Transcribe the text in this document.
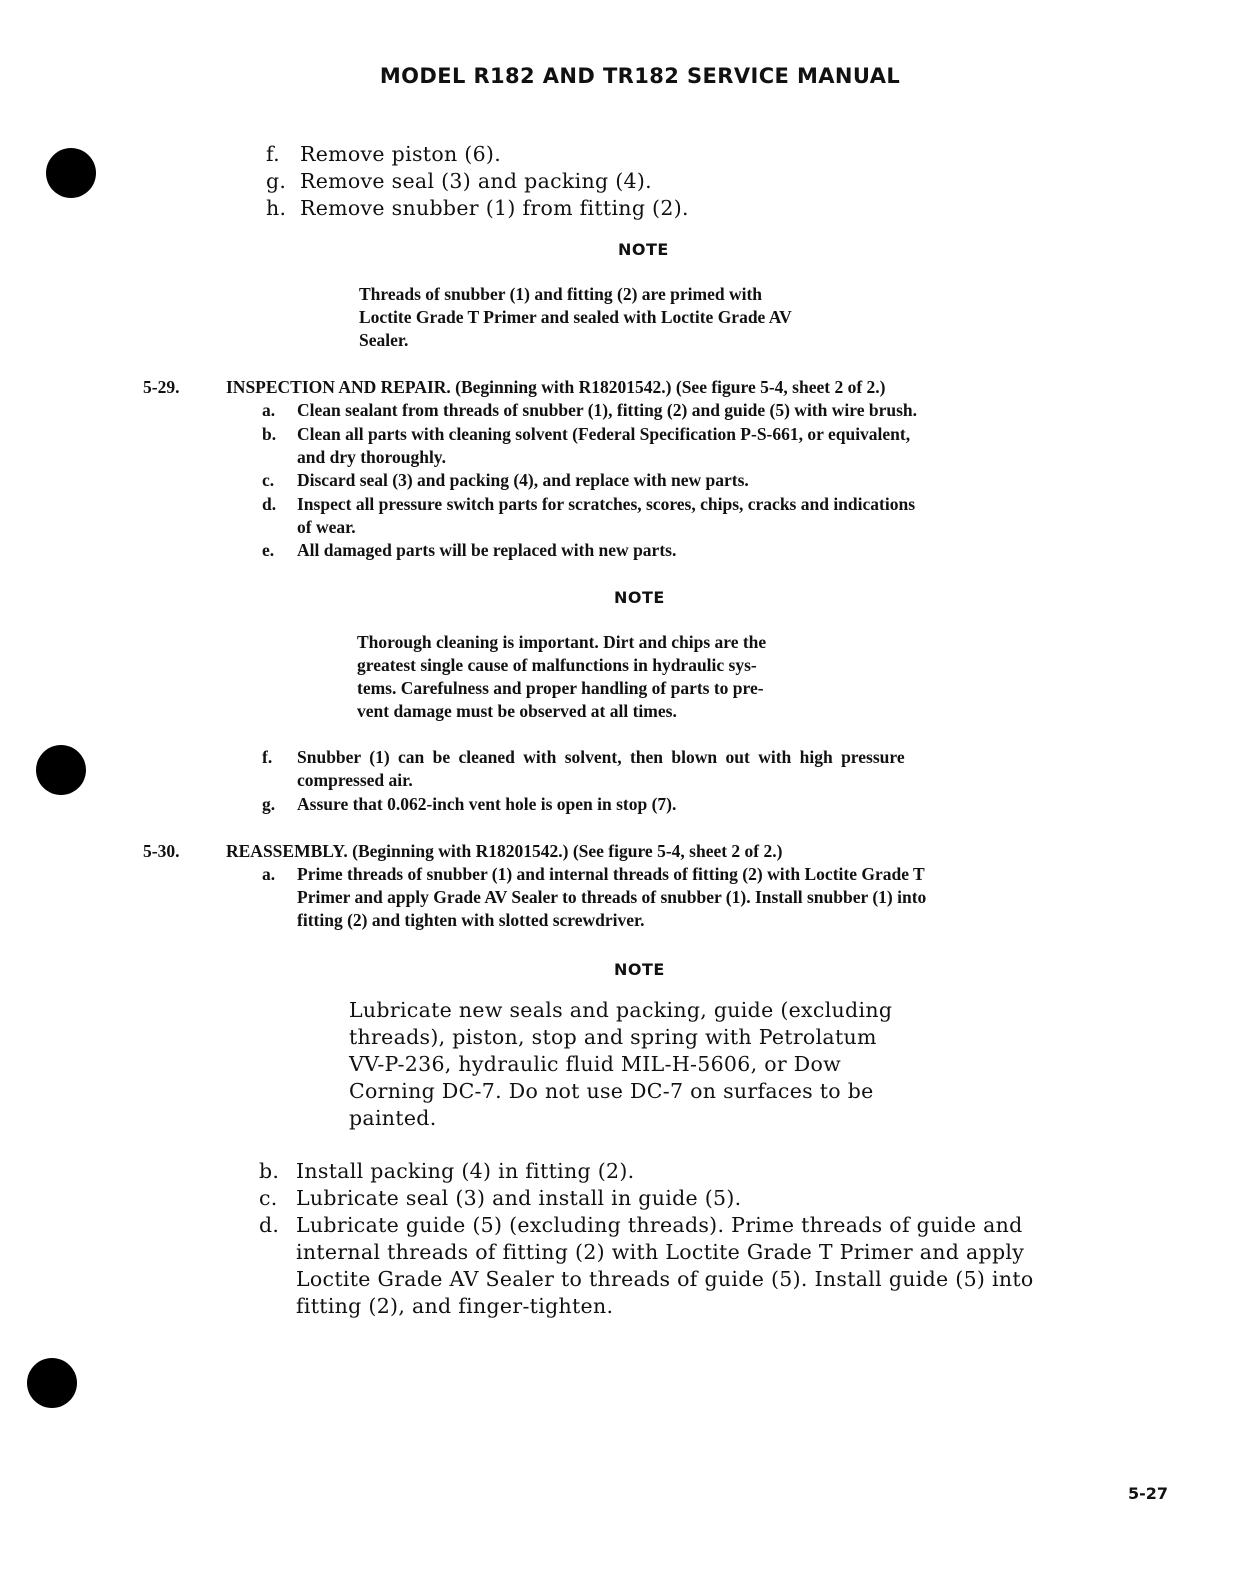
MODEL R182 AND TR182 SERVICE MANUAL
f. Remove piston (6).
g. Remove seal (3) and packing (4).
h. Remove snubber (1) from fitting (2).
NOTE
Threads of snubber (1) and fitting (2) are primed with
Loctite Grade T Primer and sealed with Loctite Grade AV
Sealer.
5-29.	INSPECTION AND REPAIR. (Beginning with R18201542.) (See figure 5-4, sheet 2 of 2.)
a. Clean sealant from threads of snubber (1), fitting (2) and guide (5) with wire brush.
b. Clean all parts with cleaning solvent (Federal Specification P-S-661, or equivalent,
and dry thoroughly.
c. Discard seal (3) and packing (4), and replace with new parts.
d. Inspect all pressure switch parts for scratches, scores, chips, cracks and indications
of wear.
e. All damaged parts will be replaced with new parts.
NOTE
Thorough cleaning is important. Dirt and chips are the
greatest single cause of malfunctions in hydraulic sys-
tems. Carefulness and proper handling of parts to pre-
vent damage must be observed at all times.
f. Snubber (1) can be cleaned with solvent, then blown out with high pressure
compressed air.
g. Assure that 0.062-inch vent hole is open in stop (7).
5-30.	REASSEMBLY. (Beginning with R18201542.) (See figure 5-4, sheet 2 of 2.)
a. Prime threads of snubber (1) and internal threads of fitting (2) with Loctite Grade T
Primer and apply Grade AV Sealer to threads of snubber (1). Install snubber (1) into
fitting (2) and tighten with slotted screwdriver.
NOTE
Lubricate new seals and packing, guide (excluding
threads), piston, stop and spring with Petrolatum
VV-P-236, hydraulic fluid MIL-H-5606, or Dow
Corning DC-7. Do not use DC-7 on surfaces to be
painted.
b. Install packing (4) in fitting (2).
c. Lubricate seal (3) and install in guide (5).
d. Lubricate guide (5) (excluding threads). Prime threads of guide and
internal threads of fitting (2) with Loctite Grade T Primer and apply
Loctite Grade AV Sealer to threads of guide (5). Install guide (5) into
fitting (2), and finger-tighten.
5-27
